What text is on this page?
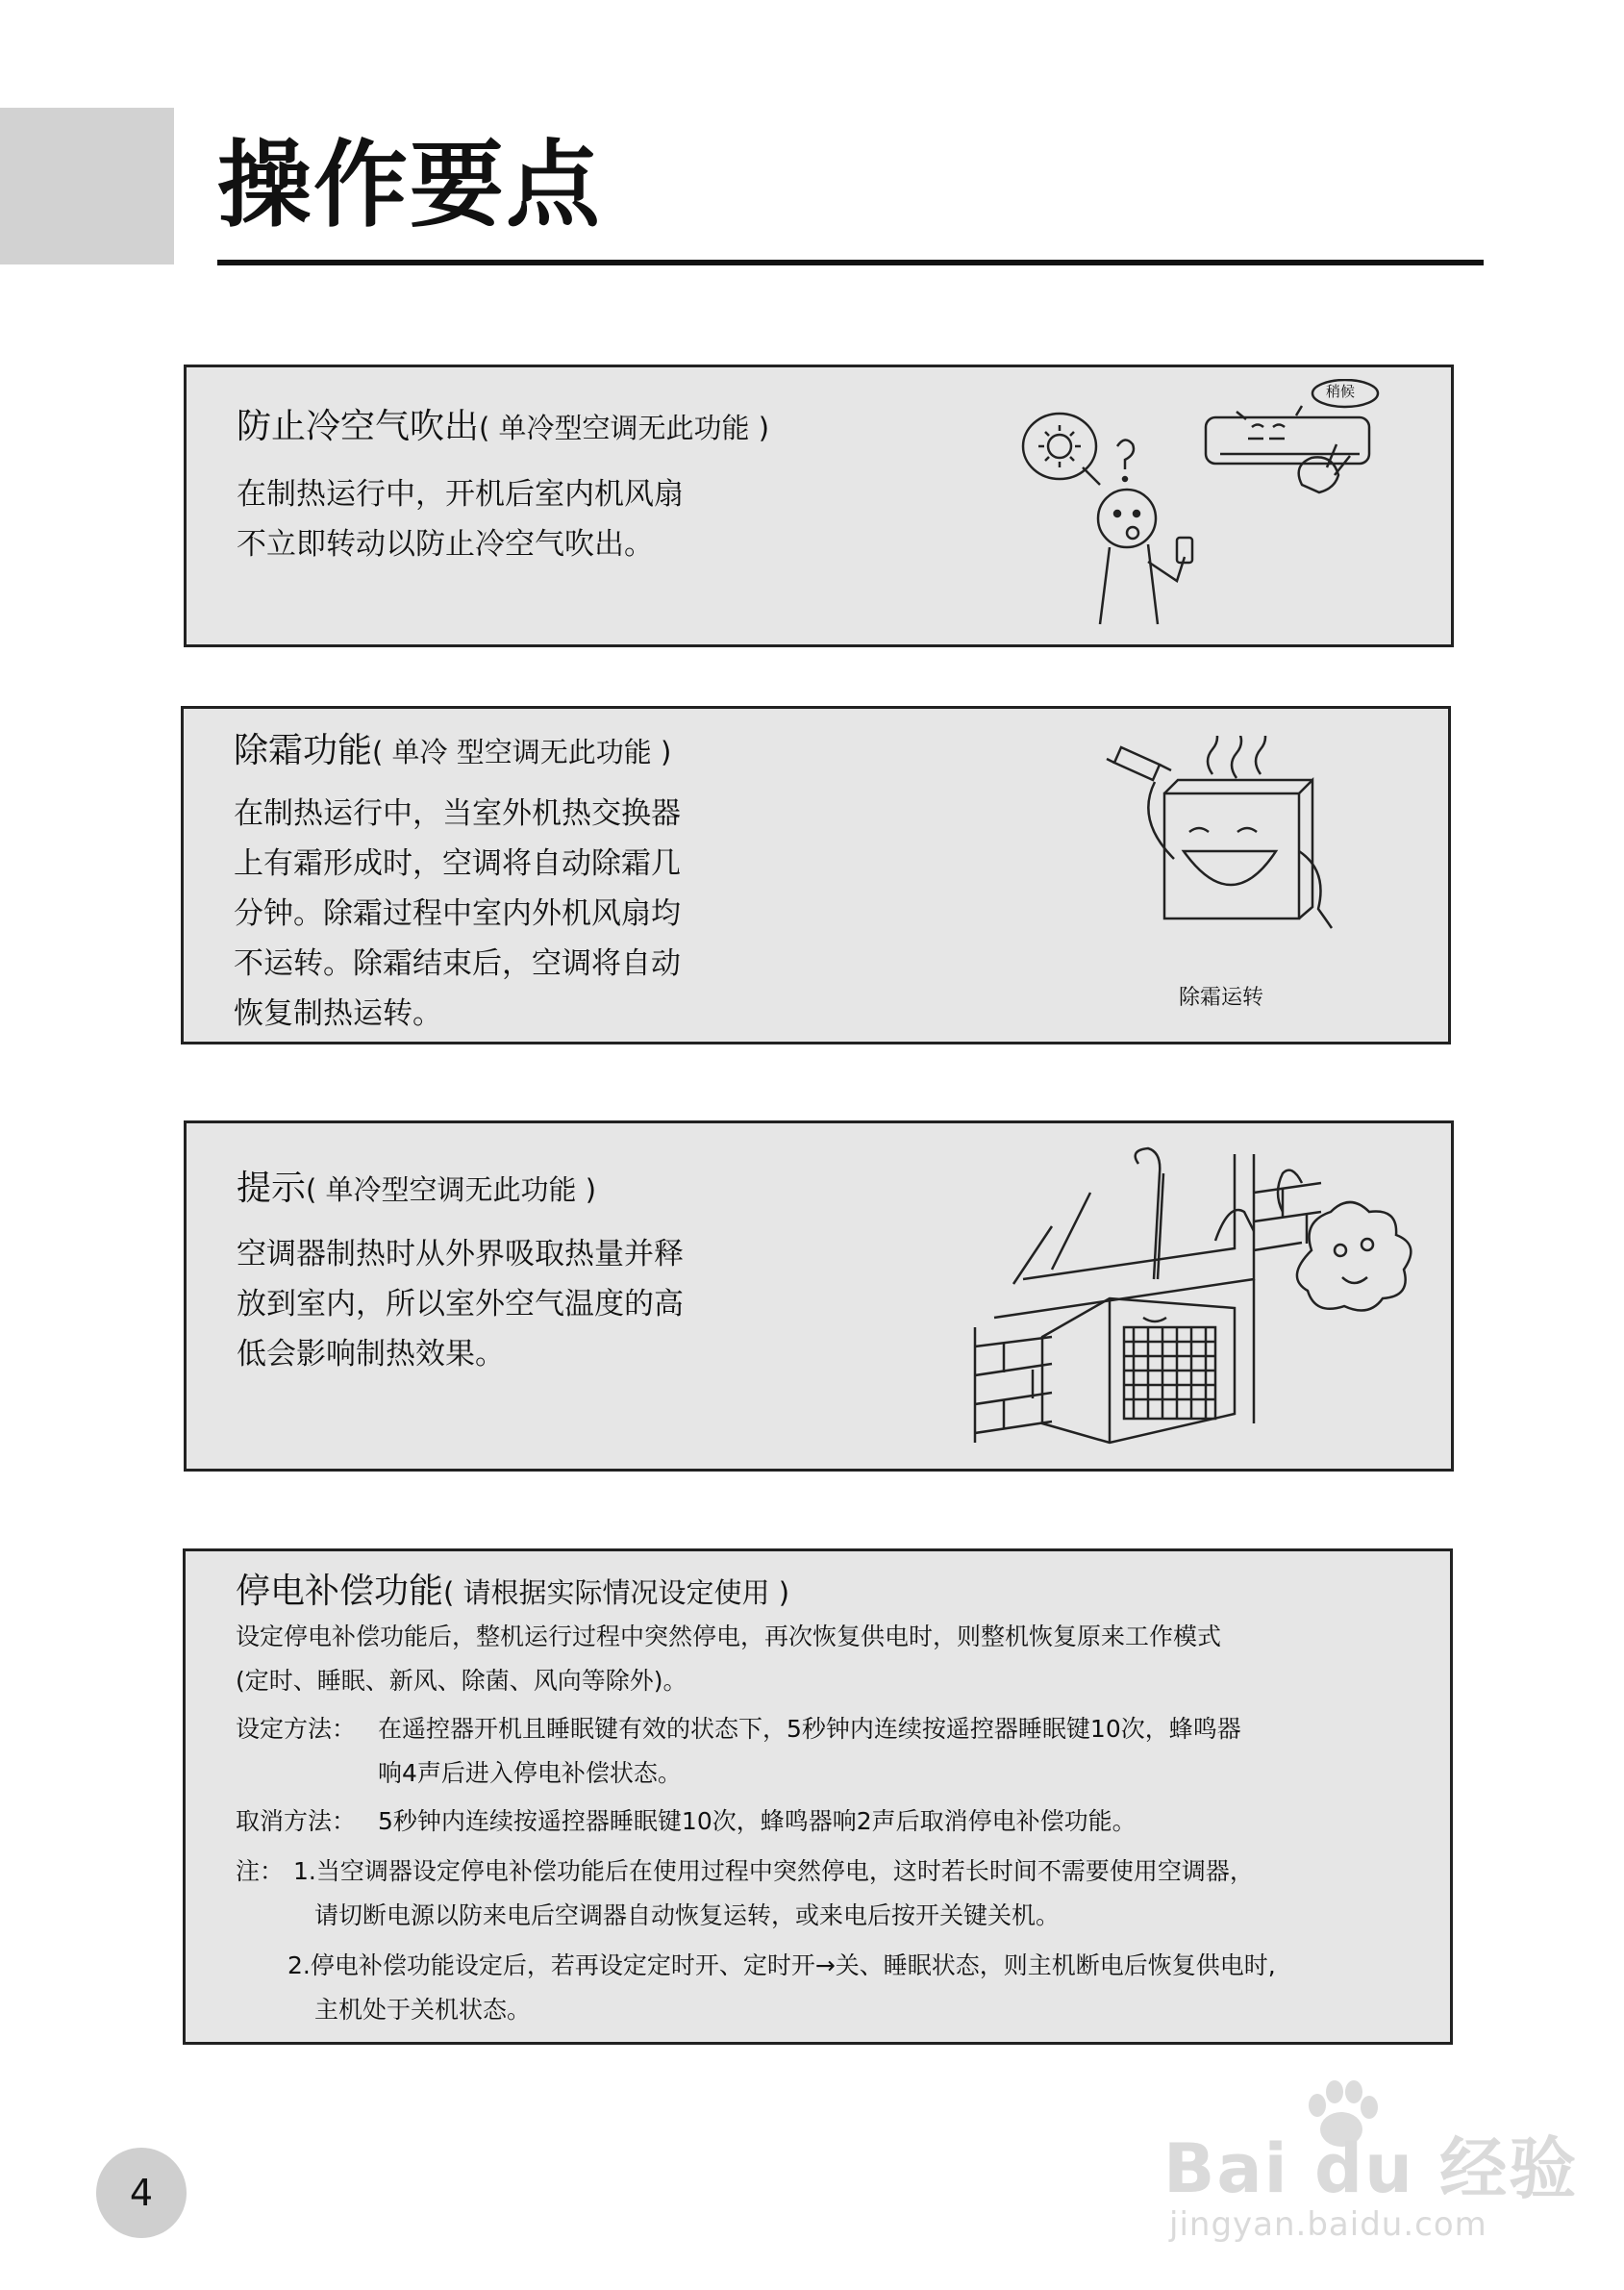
操作要点
防止冷空气吹出( 单冷型空调无此功能 )
在制热运行中，开机后室内机风扇
不立即转动以防止冷空气吹出。
稍候
除霜功能( 单冷 型空调无此功能 )
在制热运行中，当室外机热交换器
上有霜形成时，空调将自动除霜几
分钟。除霜过程中室内外机风扇均
不运转。除霜结束后，空调将自动
恢复制热运转。	除霜运转
提示( 单冷型空调无此功能 )
空调器制热时从外界吸取热量并释
放到室内，所以室外空气温度的高
低会影响制热效果。
停电补偿功能( 请根据实际情况设定使用 )
设定停电补偿功能后，整机运行过程中突然停电，再次恢复供电时，则整机恢复原来工作模式
(定时、睡眠、新风、除菌、风向等除外)。
设定方法： 在遥控器开机且睡眠键有效的状态下，5秒钟内连续按遥控器睡眠键10次，蜂鸣器
响4声后进入停电补偿状态。
取消方法： 5秒钟内连续按遥控器睡眠键10次，蜂鸣器响2声后取消停电补偿功能。
注： 1.当空调器设定停电补偿功能后在使用过程中突然停电，这时若长时间不需要使用空调器，
请切断电源以防来电后空调器自动恢复运转，或来电后按开关键关机。
2.停电补偿功能设定后，若再设定定时开、定时开→关、睡眠状态，则主机断电后恢复供电时,
主机处于关机状态。
4	Bai du 经验
jingyan.baidu.com
